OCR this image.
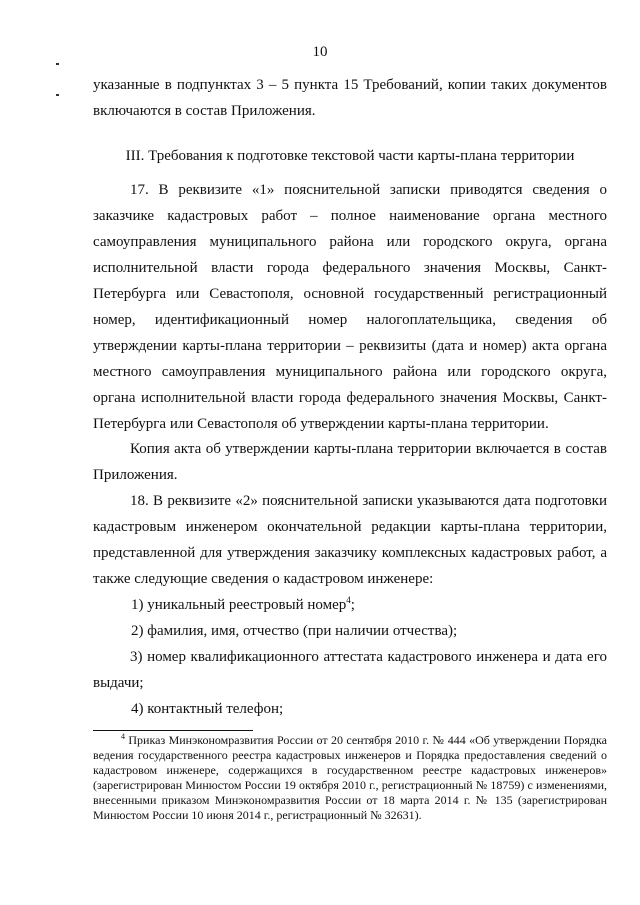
10

указанные в подпунктах 3 – 5 пункта 15 Требований, копии таких документов включаются в состав Приложения.

III. Требования к подготовке текстовой части карты-плана территории

17. В реквизите «1» пояснительной записки приводятся сведения о заказчике кадастровых работ – полное наименование органа местного самоуправления муниципального района или городского округа, органа исполнительной власти города федерального значения Москвы, Санкт-Петербурга или Севастополя, основной государственный регистрационный номер, идентификационный номер налогоплательщика, сведения об утверждении карты-плана территории – реквизиты (дата и номер) акта органа местного самоуправления муниципального района или городского округа, органа исполнительной власти города федерального значения Москвы, Санкт-Петербурга или Севастополя об утверждении карты-плана территории.

Копия акта об утверждении карты-плана территории включается в состав Приложения.

18. В реквизите «2» пояснительной записки указываются дата подготовки кадастровым инженером окончательной редакции карты-плана территории, представленной для утверждения заказчику комплексных кадастровых работ, а также следующие сведения о кадастровом инженере:

1) уникальный реестровый номер$^4$;
2) фамилия, имя, отчество (при наличии отчества);

3) номер квалификационного аттестата кадастрового инженера и дата его выдачи;

4) контактный телефон;

$^4$ Приказ Минэкономразвития России от 20 сентября 2010 г. № 444 «Об утверждении Порядка ведения государственного реестра кадастровых инженеров и Порядка предоставления сведений о кадастровом инженере, содержащихся в государственном реестре кадастровых инженеров» (зарегистрирован Минюстом России 19 октября 2010 г., регистрационный № 18759) с изменениями, внесенными приказом Минэкономразвития России от 18 марта 2014 г. № 135 (зарегистрирован Минюстом России 10 июня 2014 г., регистрационный № 32631).
